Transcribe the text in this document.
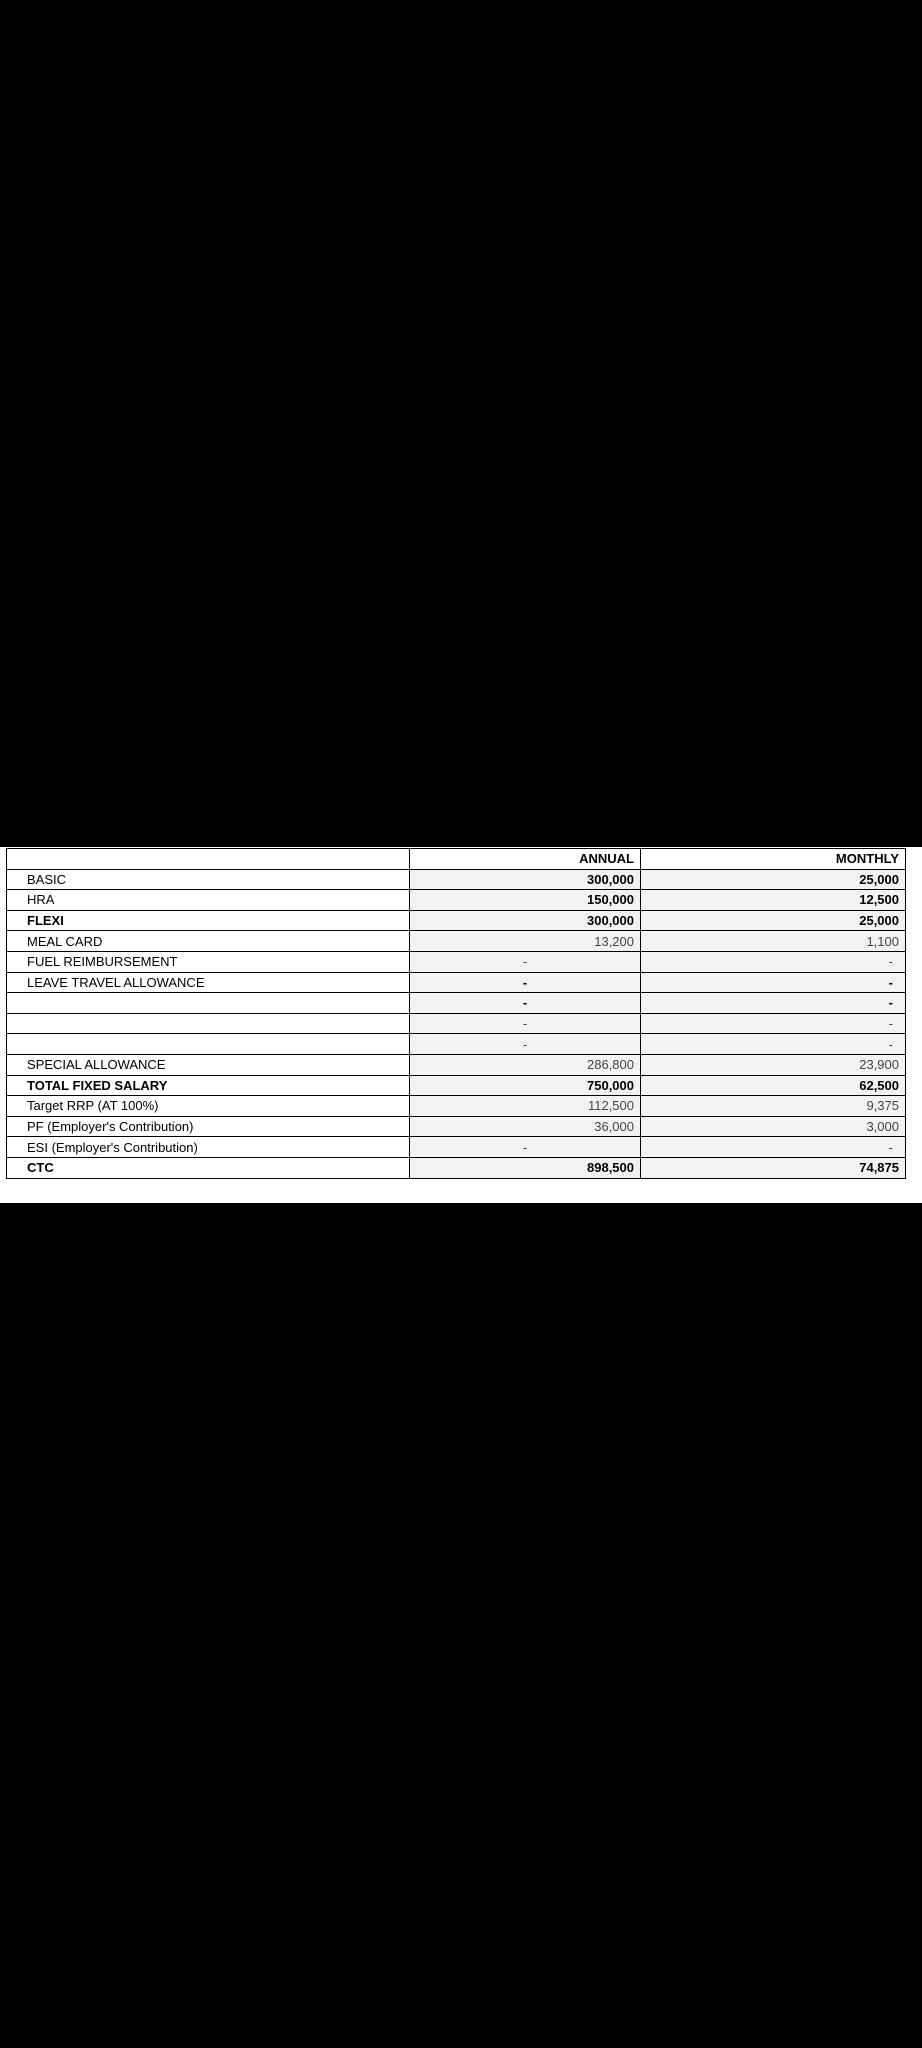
	ANNUAL	MONTHLY
BASIC	300,000	25,000
HRA	150,000	12,500
FLEXI	300,000	25,000
MEAL CARD	13,200	1,100
FUEL REIMBURSEMENT	-	-
LEAVE TRAVEL ALLOWANCE	-	-
	-	-
	-	-
	-	-
SPECIAL ALLOWANCE	286,800	23,900
TOTAL FIXED SALARY	750,000	62,500
Target RRP (AT 100%)	112,500	9,375
PF (Employer's Contribution)	36,000	3,000
ESI (Employer's Contribution)	-	-
CTC	898,500	74,875
